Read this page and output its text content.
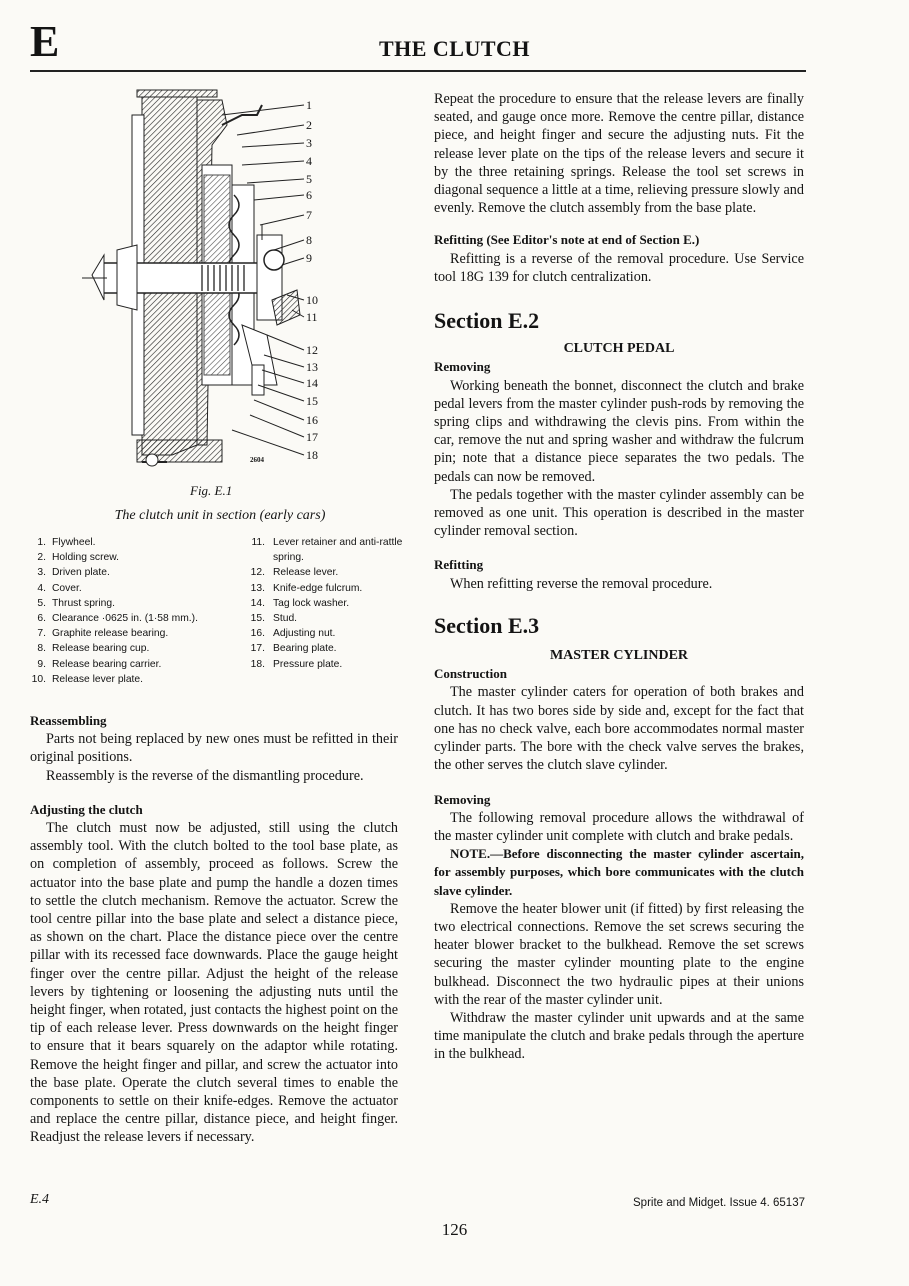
E	THE CLUTCH
1
2
3
4
5
6
7
8
9
10
11
12
13
14
15
16
17
18
2604
Fig. E.1
The clutch unit in section (early cars)
1. Flywheel.
2. Holding screw.
3. Driven plate.
4. Cover.
5. Thrust spring.
6. Clearance ·0625 in. (1·58 mm.).
7. Graphite release bearing.
8. Release bearing cup.
9. Release bearing carrier.
10. Release lever plate.
11. Lever retainer and anti-rattle spring.
12. Release lever.
13. Knife-edge fulcrum.
14. Tag lock washer.
15. Stud.
16. Adjusting nut.
17. Bearing plate.
18. Pressure plate.

Reassembling

Parts not being replaced by new ones must be refitted in their original positions.

Reassembly is the reverse of the dismantling procedure.

Adjusting the clutch

The clutch must now be adjusted, still using the clutch assembly tool. With the clutch bolted to the tool base plate, as on completion of assembly, proceed as follows. Screw the actuator into the base plate and pump the handle a dozen times to settle the clutch mechanism. Remove the actuator. Screw the tool centre pillar into the base plate and select a distance piece, as shown on the chart. Place the distance piece over the centre pillar with its recessed face downwards. Place the gauge height finger over the centre pillar. Adjust the height of the release levers by tightening or loosening the adjusting nuts until the height finger, when rotated, just contacts the highest point on the tip of each release lever. Press downwards on the height finger to ensure that it bears squarely on the adaptor while rotating. Remove the height finger and pillar, and screw the actuator into the base plate. Operate the clutch several times to enable the components to settle on their knife-edges. Remove the actuator and replace the centre pillar, distance piece, and height finger. Readjust the release levers if necessary.

Repeat the procedure to ensure that the release levers are finally seated, and gauge once more. Remove the centre pillar, distance piece, and height finger and secure the adjusting nuts. Fit the release lever plate on the tips of the release levers and secure it by the three retaining springs. Release the tool set screws in diagonal sequence a little at a time, relieving pressure slowly and evenly. Remove the clutch assembly from the base plate.

Refitting (See Editor's note at end of Section E.)

Refitting is a reverse of the removal procedure. Use Service tool 18G 139 for clutch centralization.

Section E.2

CLUTCH PEDAL

Removing

Working beneath the bonnet, disconnect the clutch and brake pedal levers from the master cylinder push-rods by removing the spring clips and withdrawing the clevis pins. From within the car, remove the nut and spring washer and withdraw the fulcrum pin; note that a distance piece separates the two pedals. The pedals can now be removed.

The pedals together with the master cylinder assembly can be removed as one unit. This operation is described in the master cylinder removal section.

Refitting

When refitting reverse the removal procedure.

Section E.3

MASTER CYLINDER

Construction

The master cylinder caters for operation of both brakes and clutch. It has two bores side by side and, except for the fact that one has no check valve, each bore accommodates normal master cylinder parts. The bore with the check valve serves the brakes, the other serves the clutch slave cylinder.

Removing

The following removal procedure allows the withdrawal of the master cylinder unit complete with clutch and brake pedals.

NOTE.—Before disconnecting the master cylinder ascertain, for assembly purposes, which bore communicates with the clutch slave cylinder.

Remove the heater blower unit (if fitted) by first releasing the two electrical connections. Remove the set screws securing the heater blower bracket to the bulkhead. Remove the set screws securing the master cylinder mounting plate to the engine bulkhead. Disconnect the two hydraulic pipes at their unions with the rear of the master cylinder unit.

Withdraw the master cylinder unit upwards and at the same time manipulate the clutch and brake pedals through the aperture in the bulkhead.

E.4	Sprite and Midget. Issue 4. 65137
126
